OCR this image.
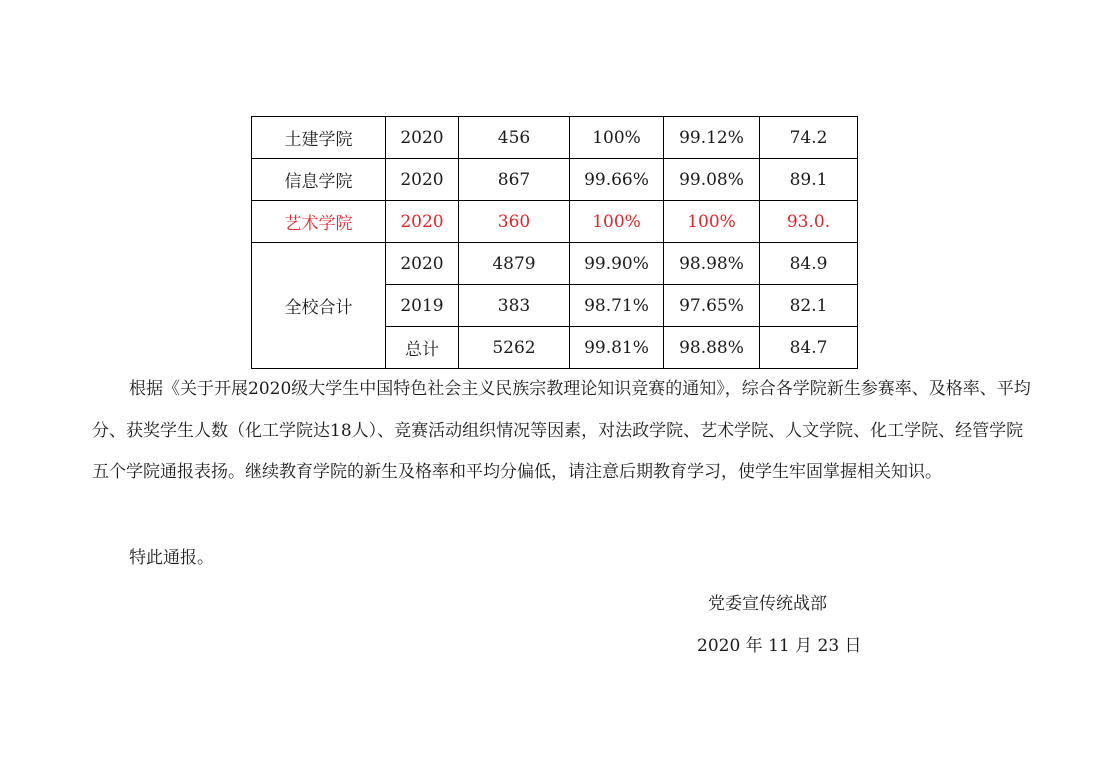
土建学院	2020	456	100%	99.12%	74.2
信息学院	2020	867	99.66%	99.08%	89.1
艺术学院	2020	360	100%	100%	93.0.
全校合计	2020	4879	99.90%	98.98%	84.9
	2019	383	98.71%	97.65%	82.1
	总计	5262	99.81%	98.88%	84.7
根据《关于开展2020级大学生中国特色社会主义民族宗教理论知识竞赛的通知》，综合各学院新生参赛率、及格率、平均分、获奖学生人数（化工学院达18人）、竞赛活动组织情况等因素，对法政学院、艺术学院、人文学院、化工学院、经管学院五个学院通报表扬。继续教育学院的新生及格率和平均分偏低，请注意后期教育学习，使学生牢固掌握相关知识。
特此通报。
党委宣传统战部
2020 年 11 月 23 日
